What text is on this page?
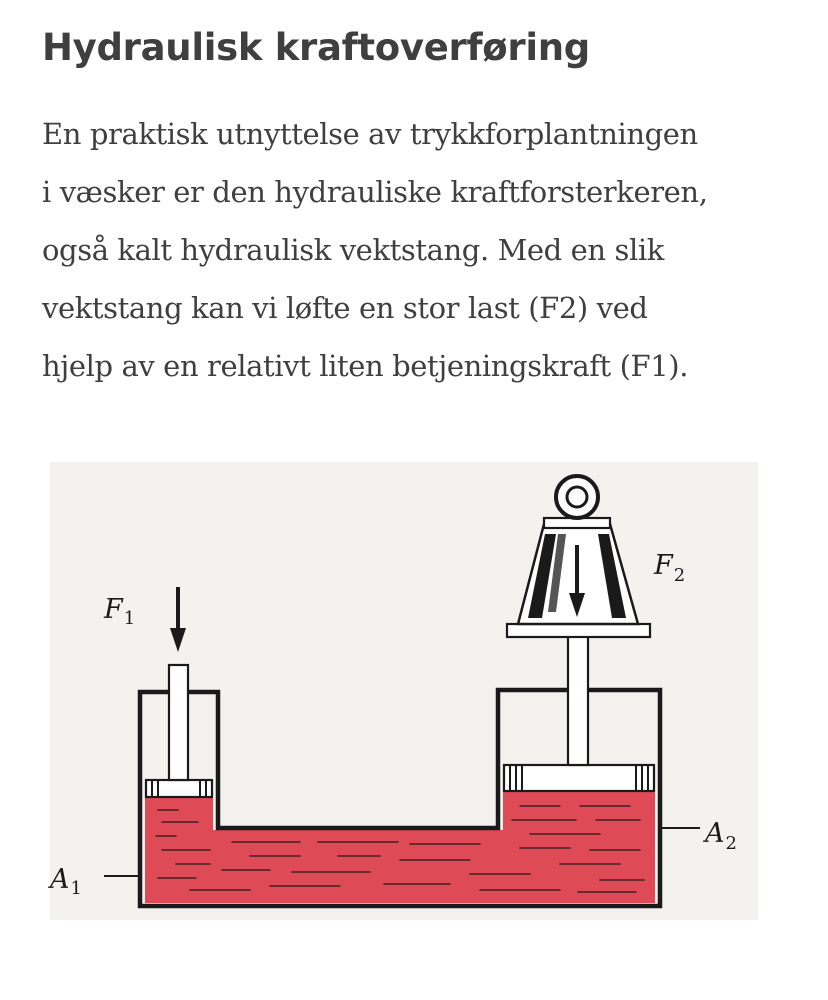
Hydraulisk kraftoverføring

En praktisk utnyttelse av trykkforplantningen
i væsker er den hydrauliske kraftforsterkeren,
også kalt hydraulisk vektstang. Med en slik
vektstang kan vi løfte en stor last (F2) ved
hjelp av en relativt liten betjeningskraft (F1).

F1
F2
A1
A2
